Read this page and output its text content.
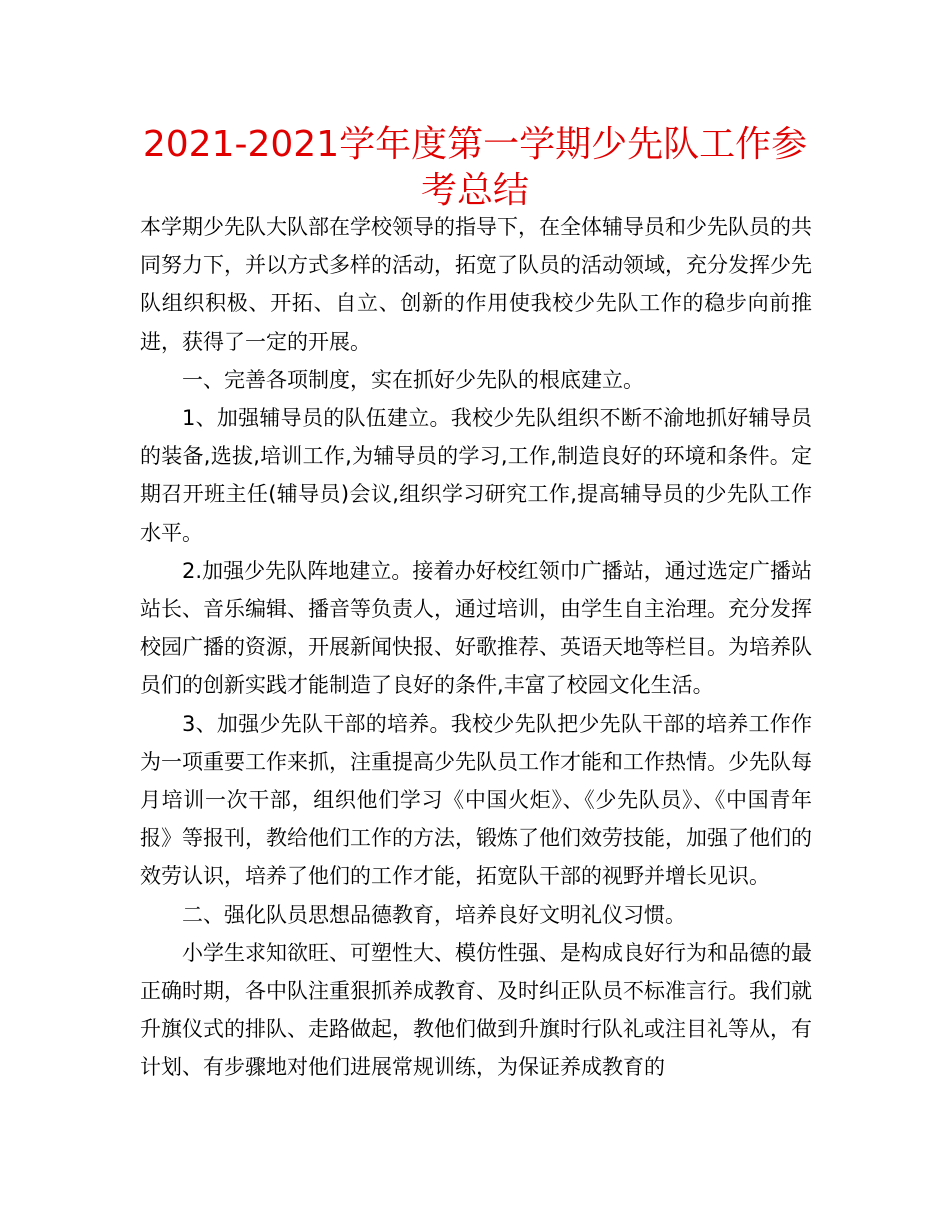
2021-2021学年度第一学期少先队工作参考总结

本学期少先队大队部在学校领导的指导下，在全体辅导员和少先队员的共同努力下，并以方式多样的活动，拓宽了队员的活动领域，充分发挥少先队组织积极、开拓、自立、创新的作用使我校少先队工作的稳步向前推进，获得了一定的开展。

一、完善各项制度，实在抓好少先队的根底建立。

1、加强辅导员的队伍建立。我校少先队组织不断不渝地抓好辅导员的装备,选拔,培训工作,为辅导员的学习,工作,制造良好的环境和条件。定期召开班主任(辅导员)会议,组织学习研究工作,提高辅导员的少先队工作水平。

2.加强少先队阵地建立。接着办好校红领巾广播站，通过选定广播站站长、音乐编辑、播音等负责人，通过培训，由学生自主治理。充分发挥校园广播的资源，开展新闻快报、好歌推荐、英语天地等栏目。为培养队员们的创新实践才能制造了良好的条件,丰富了校园文化生活。

3、加强少先队干部的培养。我校少先队把少先队干部的培养工作作为一项重要工作来抓，注重提高少先队员工作才能和工作热情。少先队每月培训一次干部，组织他们学习《中国火炬》、《少先队员》、《中国青年报》等报刊，教给他们工作的方法，锻炼了他们效劳技能，加强了他们的效劳认识，培养了他们的工作才能，拓宽队干部的视野并增长见识。

二、强化队员思想品德教育，培养良好文明礼仪习惯。

小学生求知欲旺、可塑性大、模仿性强、是构成良好行为和品德的最正确时期，各中队注重狠抓养成教育、及时纠正队员不标准言行。我们就升旗仪式的排队、走路做起，教他们做到升旗时行队礼或注目礼等从，有计划、有步骤地对他们进展常规训练，为保证养成教育的
